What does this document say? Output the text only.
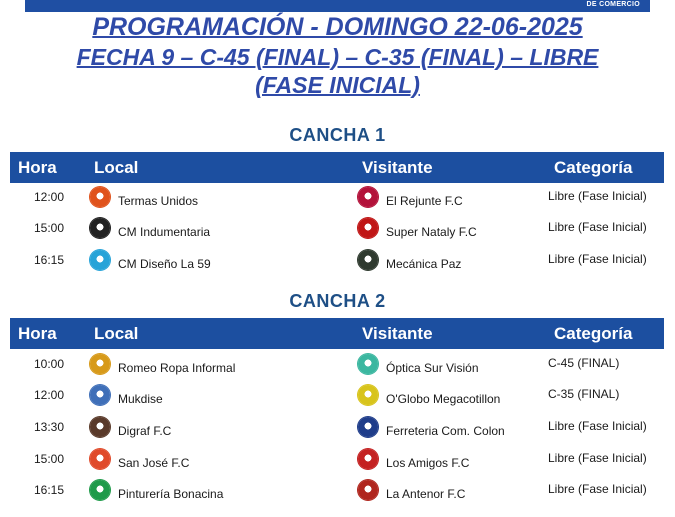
DE COMERCIO
PROGRAMACIÓN - DOMINGO 22-06-2025
FECHA 9 – C-45 (FINAL) – C-35 (FINAL) – LIBRE
(FASE INICIAL)
CANCHA 1
Hora Local	Visitante	Categoría
12:00	Termas Unidos	El Rejunte F.C	Libre (Fase Inicial)
15:00	CM Indumentaria	Super Nataly F.C	Libre (Fase Inicial)
16:15	CM Diseño La 59	Mecánica Paz	Libre (Fase Inicial)
CANCHA 2
Hora Local	Visitante	Categoría
10:00	Romeo Ropa Informal	Óptica Sur Visión	C-45 (FINAL)
12:00	Mukdise	O'Globo Megacotillon	C-35 (FINAL)
13:30	Digraf F.C	Ferreteria Com. Colon	Libre (Fase Inicial)
15:00	San José F.C	Los Amigos F.C	Libre (Fase Inicial)
16:15	Pinturería Bonacina	La Antenor F.C	Libre (Fase Inicial)
